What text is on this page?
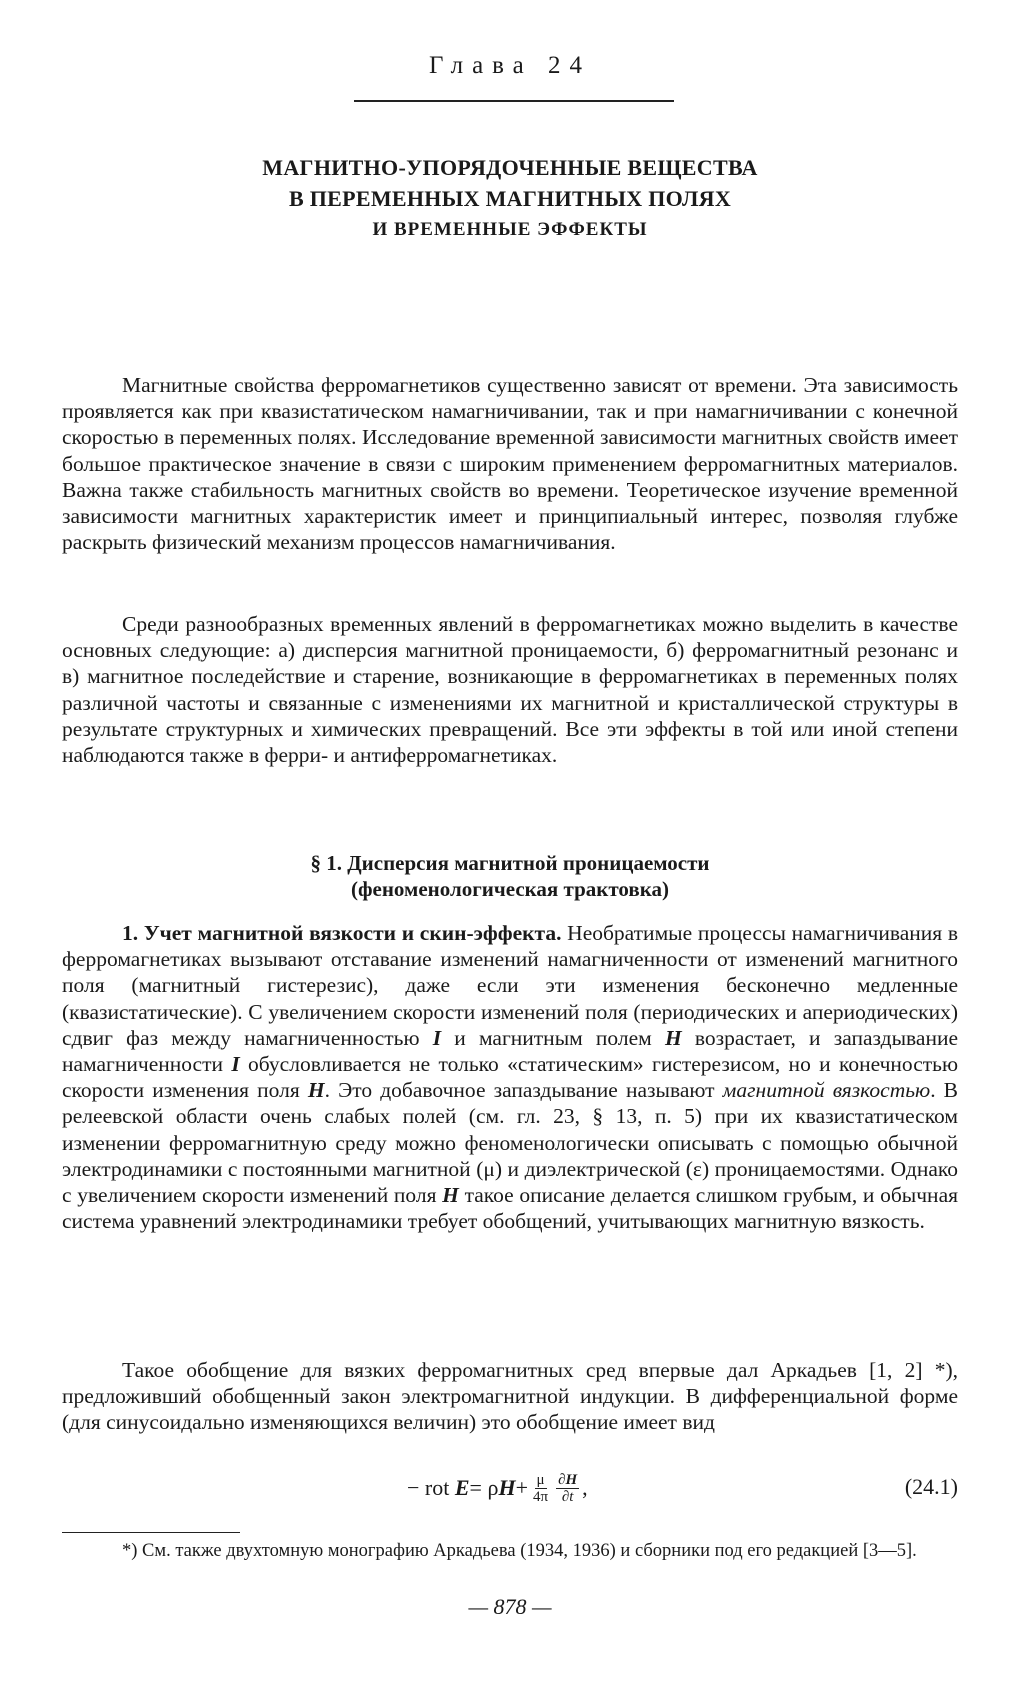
Глава 24
МАГНИТНО-УПОРЯДОЧЕННЫЕ ВЕЩЕСТВА
В ПЕРЕМЕННЫХ МАГНИТНЫХ ПОЛЯХ
И ВРЕМЕННЫЕ ЭФФЕКТЫ

Магнитные свойства ферромагнетиков существенно зависят от времени. Эта зависимость проявляется как при квазистатическом намагничивании, так и при намагничивании с конечной скоростью в переменных полях. Исследование временной зависимости магнитных свойств имеет большое практическое значение в связи с широким применением ферромагнитных материалов. Важна также стабильность магнитных свойств во времени. Теоретическое изучение временной зависимости магнитных характеристик имеет и принципиальный интерес, позволяя глубже раскрыть физический механизм процессов намагничивания.

Среди разнообразных временных явлений в ферромагнетиках можно выделить в качестве основных следующие: а) дисперсия магнитной проницаемости, б) ферромагнитный резонанс и в) магнитное последействие и старение, возникающие в ферромагнетиках в переменных полях различной частоты и связанные с изменениями их магнитной и кристаллической структуры в результате структурных и химических превращений. Все эти эффекты в той или иной степени наблюдаются также в ферри- и антиферромагнетиках.

§ 1. Дисперсия магнитной проницаемости
(феноменологическая трактовка)

1. Учет магнитной вязкости и скин-эффекта. Необратимые процессы намагничивания в ферромагнетиках вызывают отставание изменений намагниченности от изменений магнитного поля (магнитный гистерезис), даже если эти изменения бесконечно медленные (квазистатические). С увеличением скорости изменений поля (периодических и апериодических) сдвиг фаз между намагниченностью I и магнитным полем H возрастает, и запаздывание намагниченности I обусловливается не только «статическим» гистерезисом, но и конечностью скорости изменения поля H. Это добавочное запаздывание называют магнитной вязкостью. В релеевской области очень слабых полей (см. гл. 23, § 13, п. 5) при их квазистатическом изменении ферромагнитную среду можно феноменологически описывать с помощью обычной электродинамики с постоянными магнитной (μ) и диэлектрической (ε) проницаемостями. Однако с увеличением скорости изменений поля H такое описание делается слишком грубым, и обычная система уравнений электродинамики требует обобщений, учитывающих магнитную вязкость.

Такое обобщение для вязких ферромагнитных сред впервые дал Аркадьев [1, 2] *), предложивший обобщенный закон электромагнитной индукции. В дифференциальной форме (для синусоидально изменяющихся величин) это обобщение имеет вид

− rot
E = ρ $H + \frac{\mu}{4\pi} \frac{\partial H}{\partial t}$ ,	(24.1)

*) См. также двухтомную монографию Аркадьева (1934, 1936) и сборники под его редакцией [3—5].

— 878 —
